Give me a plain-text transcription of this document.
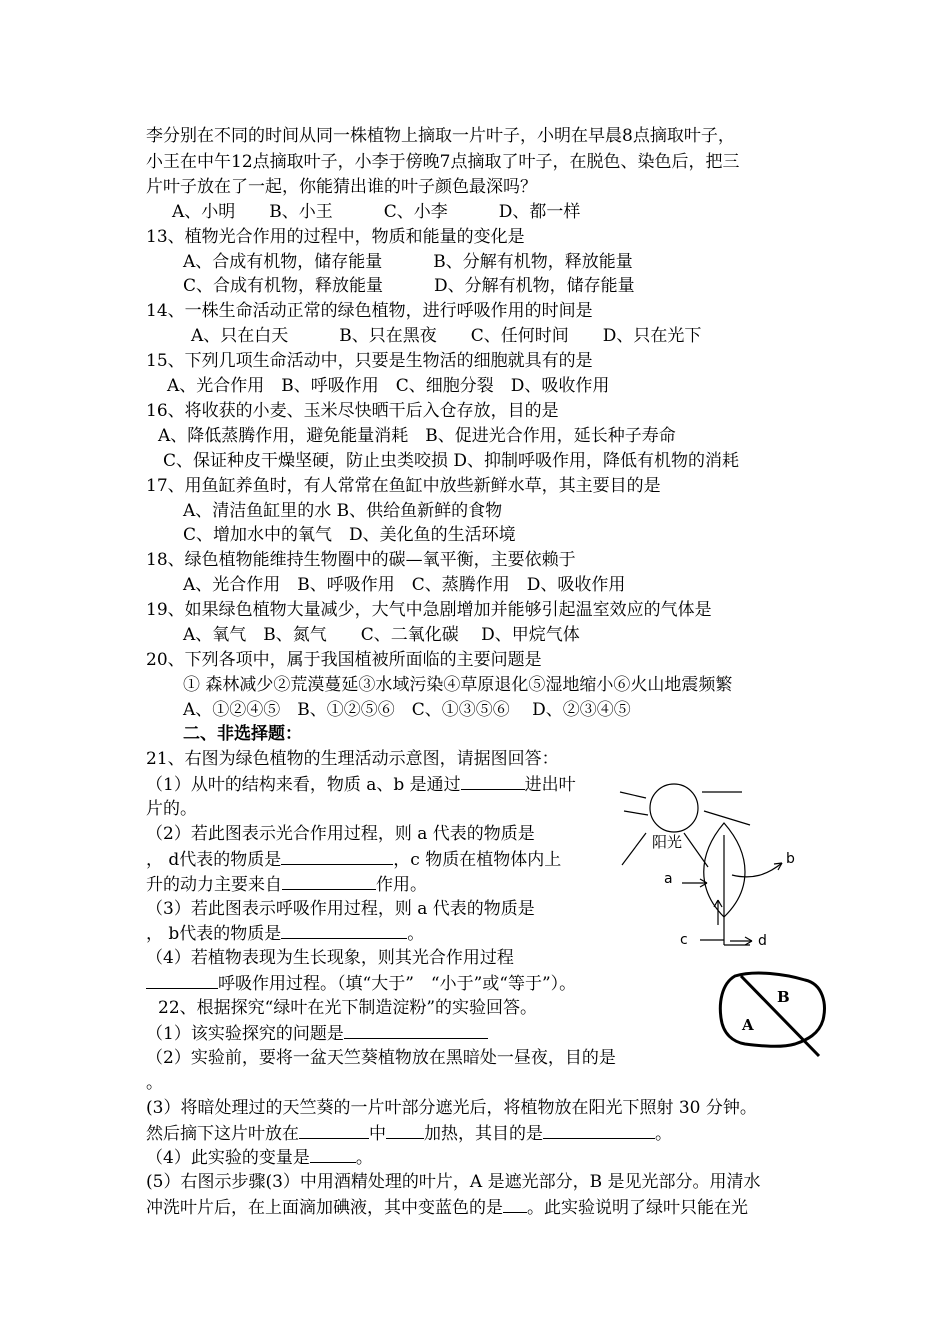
李分别在不同的时间从同一株植物上摘取一片叶子，小明在早晨8点摘取叶子，
小王在中午12点摘取叶子，小李于傍晚7点摘取了叶子，在脱色、染色后，把三
片叶子放在了一起，你能猜出谁的叶子颜色最深吗？
A、小明　　B、小王　　　C、小李　　　D、都一样
13、植物光合作用的过程中，物质和能量的变化是
A、合成有机物，储存能量　　　B、分解有机物，释放能量
C、合成有机物，释放能量　　　D、分解有机物，储存能量
14、一株生命活动正常的绿色植物，进行呼吸作用的时间是
A、只在白天　　　B、只在黑夜　　C、任何时间　　D、只在光下
15、下列几项生命活动中，只要是生物活的细胞就具有的是
A、光合作用　B、呼吸作用　C、细胞分裂　D、吸收作用
16、将收获的小麦、玉米尽快晒干后入仓存放，目的是
A、降低蒸腾作用，避免能量消耗　B、促进光合作用，延长种子寿命
C、保证种皮干燥坚硬，防止虫类咬损 D、抑制呼吸作用，降低有机物的消耗
17、用鱼缸养鱼时，有人常常在鱼缸中放些新鲜水草，其主要目的是
A、清洁鱼缸里的水 B、供给鱼新鲜的食物
C、增加水中的氧气　D、美化鱼的生活环境
18、绿色植物能维持生物圈中的碳—氧平衡，主要依赖于
A、光合作用　B、呼吸作用　C、蒸腾作用　D、吸收作用
19、如果绿色植物大量减少，大气中急剧增加并能够引起温室效应的气体是
A、氧气　B、氮气　　C、二氧化碳　 D、甲烷气体
20、下列各项中，属于我国植被所面临的主要问题是
① 森林减少②荒漠蔓延③水域污染④草原退化⑤湿地缩小⑥火山地震频繁
A、①②④⑤　B、①②⑤⑥　C、①③⑤⑥　 D、②③④⑤
二、非选择题：
21、右图为绿色植物的生理活动示意图，请据图回答：
（1）从叶的结构来看，物质 a、b 是通过	进出叶
片的。
（2）若此图表示光合作用过程，则 a 代表的物质是
， d代表的物质是	，c 物质在植物体内上
升的动力主要来自	作用。
（3）若此图表示呼吸作用过程，则 a 代表的物质是
， b代表的物质是	。
（4）若植物表现为生长现象，则其光合作用过程
呼吸作用过程。（填“大于”　“小于”或“等于”）。
22、根据探究“绿叶在光下制造淀粉”的实验回答。
（1）该实验探究的问题是
（2）实验前，要将一盆天竺葵植物放在黑暗处一昼夜，目的是
。
(3）将暗处理过的天竺葵的一片叶部分遮光后，将植物放在阳光下照射 30 分钟。
然后摘下这片叶放在	中 加热，其目的是	。
（4）此实验的变量是	。
(5）右图示步骤(3）中用酒精处理的叶片，A 是遮光部分，B 是见光部分。用清水
冲洗叶片后，在上面滴加碘液，其中变蓝色的是 。此实验说明了绿叶只能在光
阳光
a
b
c	d
B
A
